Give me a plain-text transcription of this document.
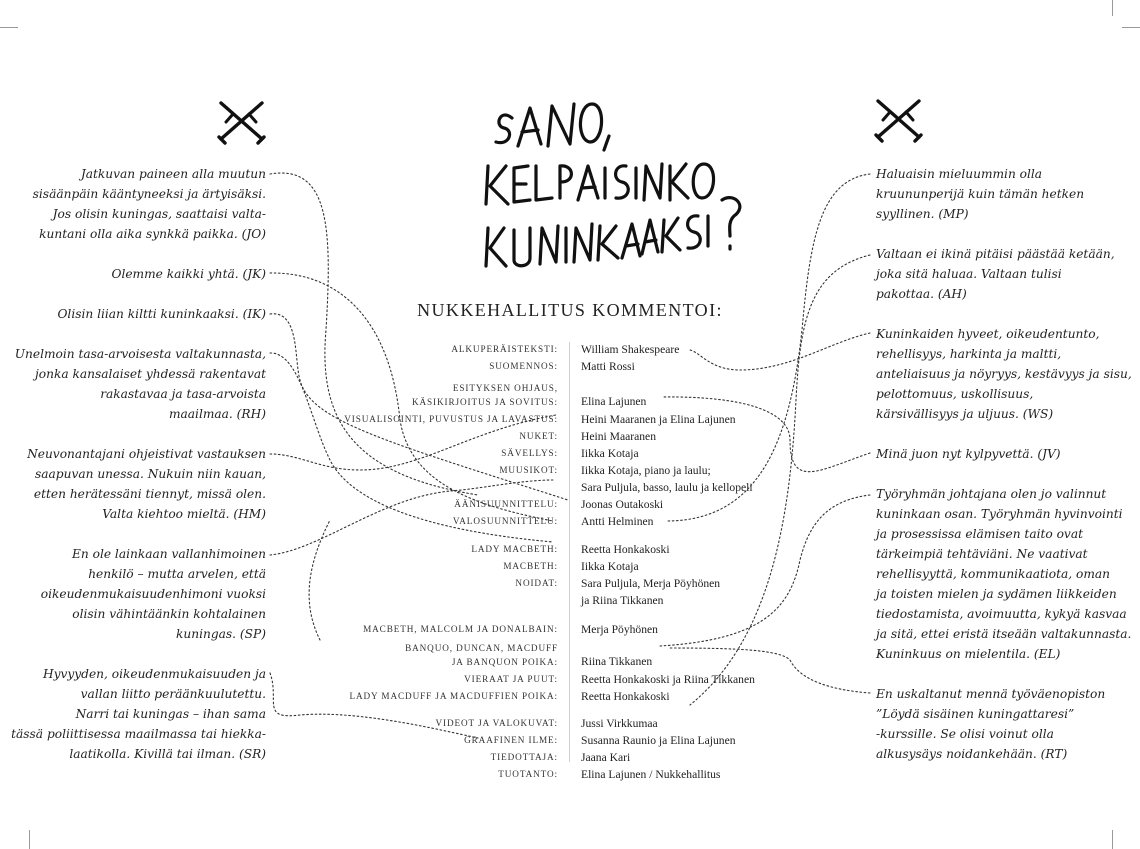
Jatkuvan paineen alla muutun
sisäänpäin kääntyneeksi ja ärtyisäksi.
Jos olisin kuningas, saattaisi valta-
kuntani olla aika synkkä paikka. (JO)
Olemme kaikki yhtä. (JK)
Olisin liian kiltti kuninkaaksi. (IK)
Unelmoin tasa-arvoisesta valtakunnasta,
jonka kansalaiset yhdessä rakentavat
rakastavaa ja tasa-arvoista
maailmaa. (RH)
Neuvonantajani ohjeistivat vastauksen
saapuvan unessa. Nukuin niin kauan,
etten herätessäni tiennyt, missä olen.
Valta kiehtoo mieltä. (HM)
En ole lainkaan vallanhimoinen
henkilö – mutta arvelen, että
oikeudenmukaisuudenhimoni vuoksi
olisin vähintäänkin kohtalainen
kuningas. (SP)
Hyvyyden, oikeudenmukaisuuden ja
vallan liitto peräänkuulutettu.
Narri tai kuningas – ihan sama
tässä poliittisessa maailmassa tai hiekka-
laatikolla. Kivillä tai ilman. (SR)
Haluaisin mieluummin olla
kruununperijä kuin tämän hetken
syyllinen. (MP)
Valtaan ei ikinä pitäisi päästää ketään,
joka sitä haluaa. Valtaan tulisi
pakottaa. (AH)
Kuninkaiden hyveet, oikeudentunto,
rehellisyys, harkinta ja maltti,
anteliaisuus ja nöyryys, kestävyys ja sisu,
pelottomuus, uskollisuus,
kärsivällisyys ja uljuus. (WS)
Minä juon nyt kylpyvettä. (JV)
Työryhmän johtajana olen jo valinnut
kuninkaan osan. Työryhmän hyvinvointi
ja prosessissa elämisen taito ovat
tärkeimpiä tehtäviäni. Ne vaativat
rehellisyyttä, kommunikaatiota, oman
ja toisten mielen ja sydämen liikkeiden
tiedostamista, avoimuutta, kykyä kasvaa
ja sitä, ettei eristä itseään valtakunnasta.
Kuninkuus on mielentila. (EL)
En uskaltanut mennä työväenopiston
”Löydä sisäinen kuningattaresi”
-kurssille. Se olisi voinut olla
alkusysäys noidankehään. (RT)
NUKKEHALLITUS KOMMENTOI:
ALKUPERÄISTEKSTI:	William Shakespeare
SUOMENNOS:	Matti Rossi
ESITYKSEN OHJAUS,
KÄSIKIRJOITUS JA SOVITUS:	Elina Lajunen
VISUALISOINTI, PUVUSTUS JA LAVASTUS:	Heini Maaranen ja Elina Lajunen
NUKET:	Heini Maaranen
SÄVELLYS:	Iikka Kotaja
MUUSIKOT:	Iikka Kotaja, piano ja laulu;
Sara Puljula, basso, laulu ja kellopeli
ÄÄNISUUNNITTELU:	Joonas Outakoski
VALOSUUNNITTELU:	Antti Helminen
LADY MACBETH:	Reetta Honkakoski
MACBETH:	Iikka Kotaja
NOIDAT:	Sara Puljula, Merja Pöyhönen
ja Riina Tikkanen
MACBETH, MALCOLM JA DONALBAIN:	Merja Pöyhönen
BANQUO, DUNCAN, MACDUFF
JA BANQUON POIKA:	Riina Tikkanen
VIERAAT JA PUUT:	Reetta Honkakoski ja Riina Tikkanen
LADY MACDUFF JA MACDUFFIEN POIKA:	Reetta Honkakoski
VIDEOT JA VALOKUVAT:	Jussi Virkkumaa
GRAAFINEN ILME:	Susanna Raunio ja Elina Lajunen
TIEDOTTAJA:	Jaana Kari
TUOTANTO:	Elina Lajunen / Nukkehallitus
